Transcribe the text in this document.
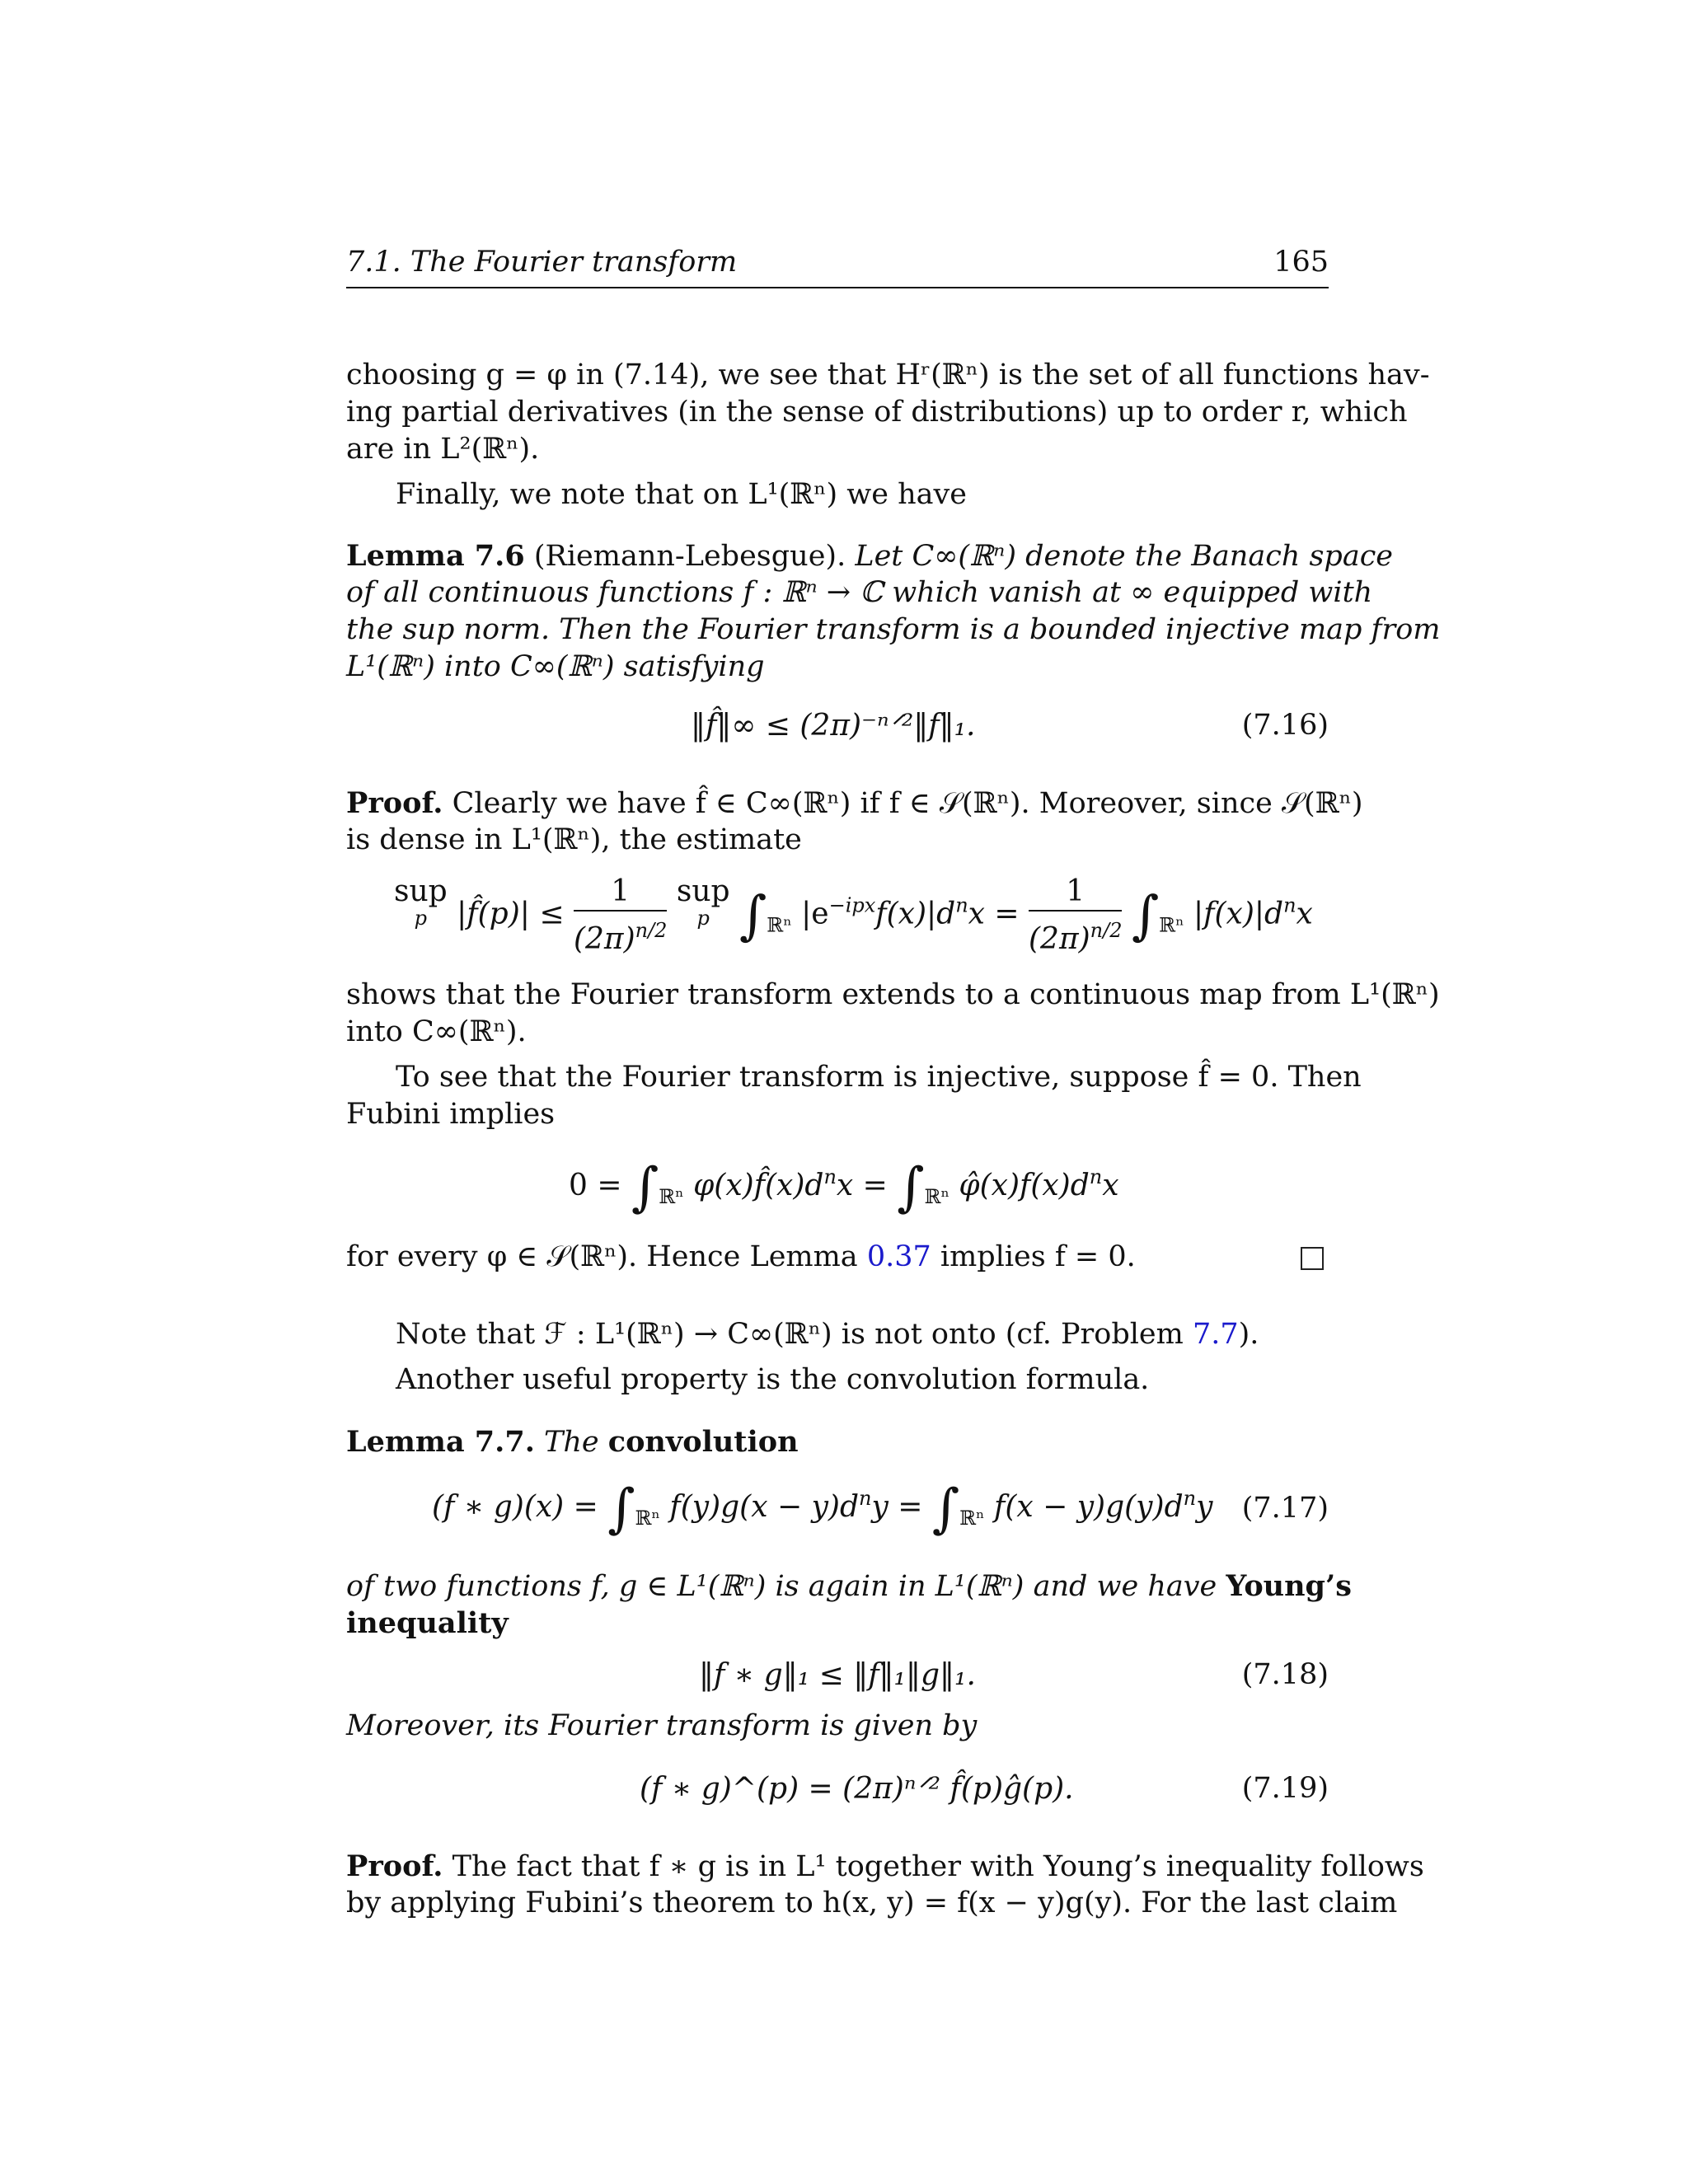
7.1. The Fourier transform	165
choosing g = φ in (7.14), we see that Hʳ(ℝⁿ) is the set of all functions hav-
ing partial derivatives (in the sense of distributions) up to order r, which
are in L²(ℝⁿ).
Finally, we note that on L¹(ℝⁿ) we have
Lemma 7.6 (Riemann-Lebesgue). Let C∞(ℝⁿ) denote the Banach space
of all continuous functions f : ℝⁿ → ℂ which vanish at ∞ equipped with
the sup norm. Then the Fourier transform is a bounded injective map from
L¹(ℝⁿ) into C∞(ℝⁿ) satisfying
‖f̂‖∞ ≤ (2π)⁻ⁿᐟ²‖f‖₁.	(7.16)
Proof. Clearly we have f̂ ∈ C∞(ℝⁿ) if f ∈ 𝒮(ℝⁿ). Moreover, since 𝒮(ℝⁿ)
is dense in L¹(ℝⁿ), the estimate
sup
p |f̂(p)| ≤ $\frac{1}{(2\pi)^{n/2}}$ sup
p $\int_{ℝ^n}$ $|e^{-ipx}f(x)|d^nx = \frac{1}{(2\pi)^{n/2}} \int_{ℝ^n}$ $|f(x)|d^nx$
shows that the Fourier transform extends to a continuous map from L¹(ℝⁿ)
into C∞(ℝⁿ).
To see that the Fourier transform is injective, suppose f̂ = 0. Then
Fubini implies
$0 = \int_{ℝ^n}$ $\varphi(x)f̂(x)d^nx = \int_{ℝ^n}$ $\varphî(x)f(x)d^nx$
for every φ ∈ 𝒮(ℝⁿ). Hence Lemma 0.37 implies f = 0.
Note that ℱ : L¹(ℝⁿ) → C∞(ℝⁿ) is not onto (cf. Problem 7.7).
Another useful property is the convolution formula.
Lemma 7.7. The convolution
(f ∗ $g)(x) = \int_{ℝ^n}$ $f(y)g(x - y)d^ny = \int_{ℝ^n}$ $f(x - y)g(y)d^ny$ (7.17)
of two functions f, g ∈ L¹(ℝⁿ) is again in L¹(ℝⁿ) and we have Young’s
inequality
‖f ∗ g‖₁ ≤ ‖f‖₁‖g‖₁.	(7.18)
Moreover, its Fourier transform is given by
(f ∗ g)^(p) = (2π)ⁿᐟ² f̂(p)ĝ(p).	(7.19)
Proof. The fact that f ∗ g is in L¹ together with Young’s inequality follows
by applying Fubini’s theorem to h(x, y) = f(x − y)g(y). For the last claim
